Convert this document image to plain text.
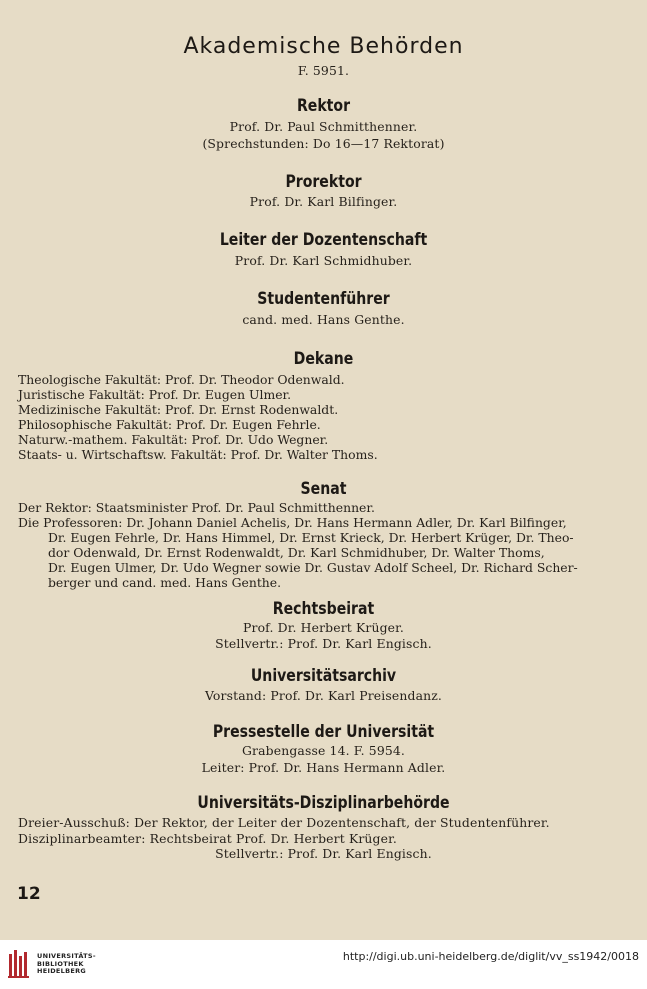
Akademische Behörden
F. 5951.
Rektor
Prof. Dr. Paul Schmitthenner.
(Sprechstunden: Do 16—17 Rektorat)
Prorektor
Prof. Dr. Karl Bilfinger.
Leiter der Dozentenschaft
Prof. Dr. Karl Schmidhuber.
Studentenführer
cand. med. Hans Genthe.
Dekane
Theologische Fakultät: Prof. Dr. Theodor Odenwald.
Juristische Fakultät: Prof. Dr. Eugen Ulmer.
Medizinische Fakultät: Prof. Dr. Ernst Rodenwaldt.
Philosophische Fakultät: Prof. Dr. Eugen Fehrle.
Naturw.-mathem. Fakultät: Prof. Dr. Udo Wegner.
Staats- u. Wirtschaftsw. Fakultät: Prof. Dr. Walter Thoms.
Senat
Der Rektor: Staatsminister Prof. Dr. Paul Schmitthenner.
Die Professoren: Dr. Johann Daniel Achelis, Dr. Hans Hermann Adler, Dr. Karl Bilfinger,
Dr. Eugen Fehrle, Dr. Hans Himmel, Dr. Ernst Krieck, Dr. Herbert Krüger, Dr. Theo-
dor Odenwald, Dr. Ernst Rodenwaldt, Dr. Karl Schmidhuber, Dr. Walter Thoms,
Dr. Eugen Ulmer, Dr. Udo Wegner sowie Dr. Gustav Adolf Scheel, Dr. Richard Scher-
berger und cand. med. Hans Genthe.
Rechtsbeirat
Prof. Dr. Herbert Krüger.
Stellvertr.: Prof. Dr. Karl Engisch.
Universitätsarchiv
Vorstand: Prof. Dr. Karl Preisendanz.
Pressestelle der Universität
Grabengasse 14. F. 5954.
Leiter: Prof. Dr. Hans Hermann Adler.
Universitäts-Disziplinarbehörde
Dreier-Ausschuß: Der Rektor, der Leiter der Dozentenschaft, der Studentenführer.
Disziplinarbeamter: Rechtsbeirat Prof. Dr. Herbert Krüger.
Stellvertr.: Prof. Dr. Karl Engisch.
12
UNIVERSITÄTS-
BIBLIOTHEK
HEIDELBERG
http://digi.ub.uni-heidelberg.de/diglit/vv_ss1942/0018
